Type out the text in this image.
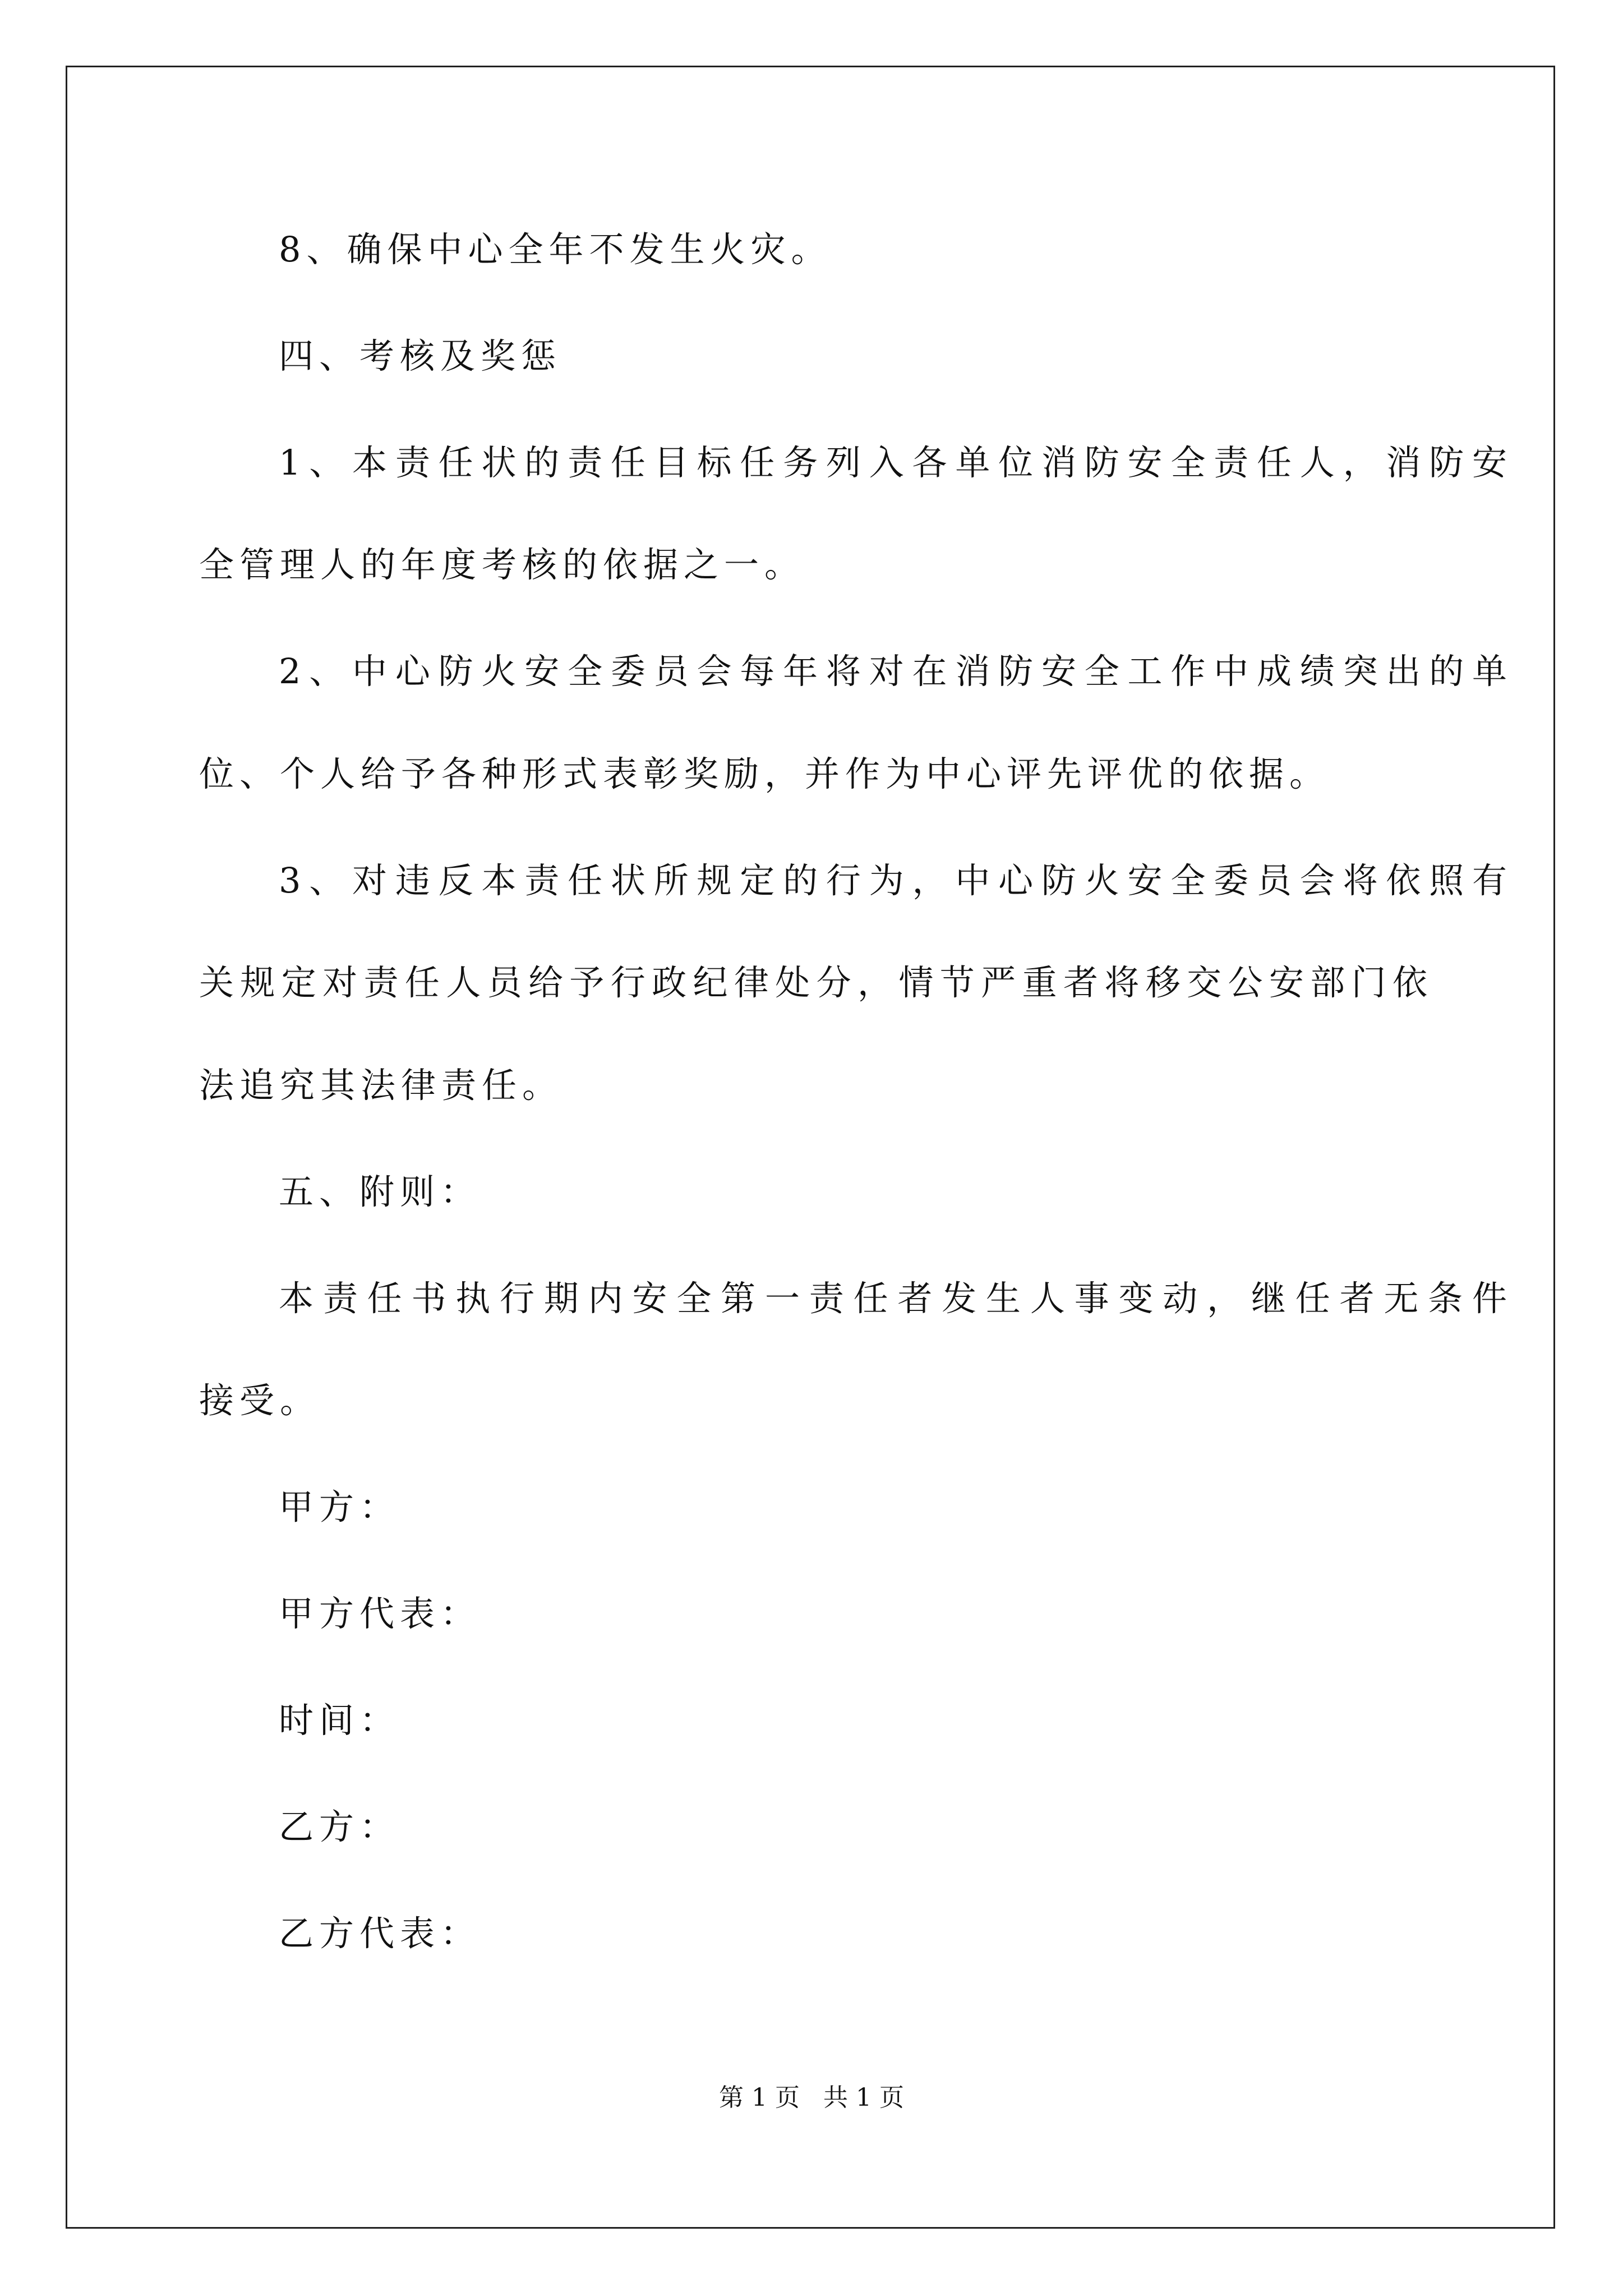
8、确保中心全年不发生火灾。
四、考核及奖惩
1、本责任状的责任目标任务列入各单位消防安全责任人，消防安
全管理人的年度考核的依据之一。
2、中心防火安全委员会每年将对在消防安全工作中成绩突出的单
位、个人给予各种形式表彰奖励，并作为中心评先评优的依据。
3、对违反本责任状所规定的行为，中心防火安全委员会将依照有
关规定对责任人员给予行政纪律处分，情节严重者将移交公安部门依
法追究其法律责任。
五、附则：
本责任书执行期内安全第一责任者发生人事变动，继任者无条件
接受。
甲方：
甲方代表：
时间：
乙方：
乙方代表：
第 1 页   共 1 页
